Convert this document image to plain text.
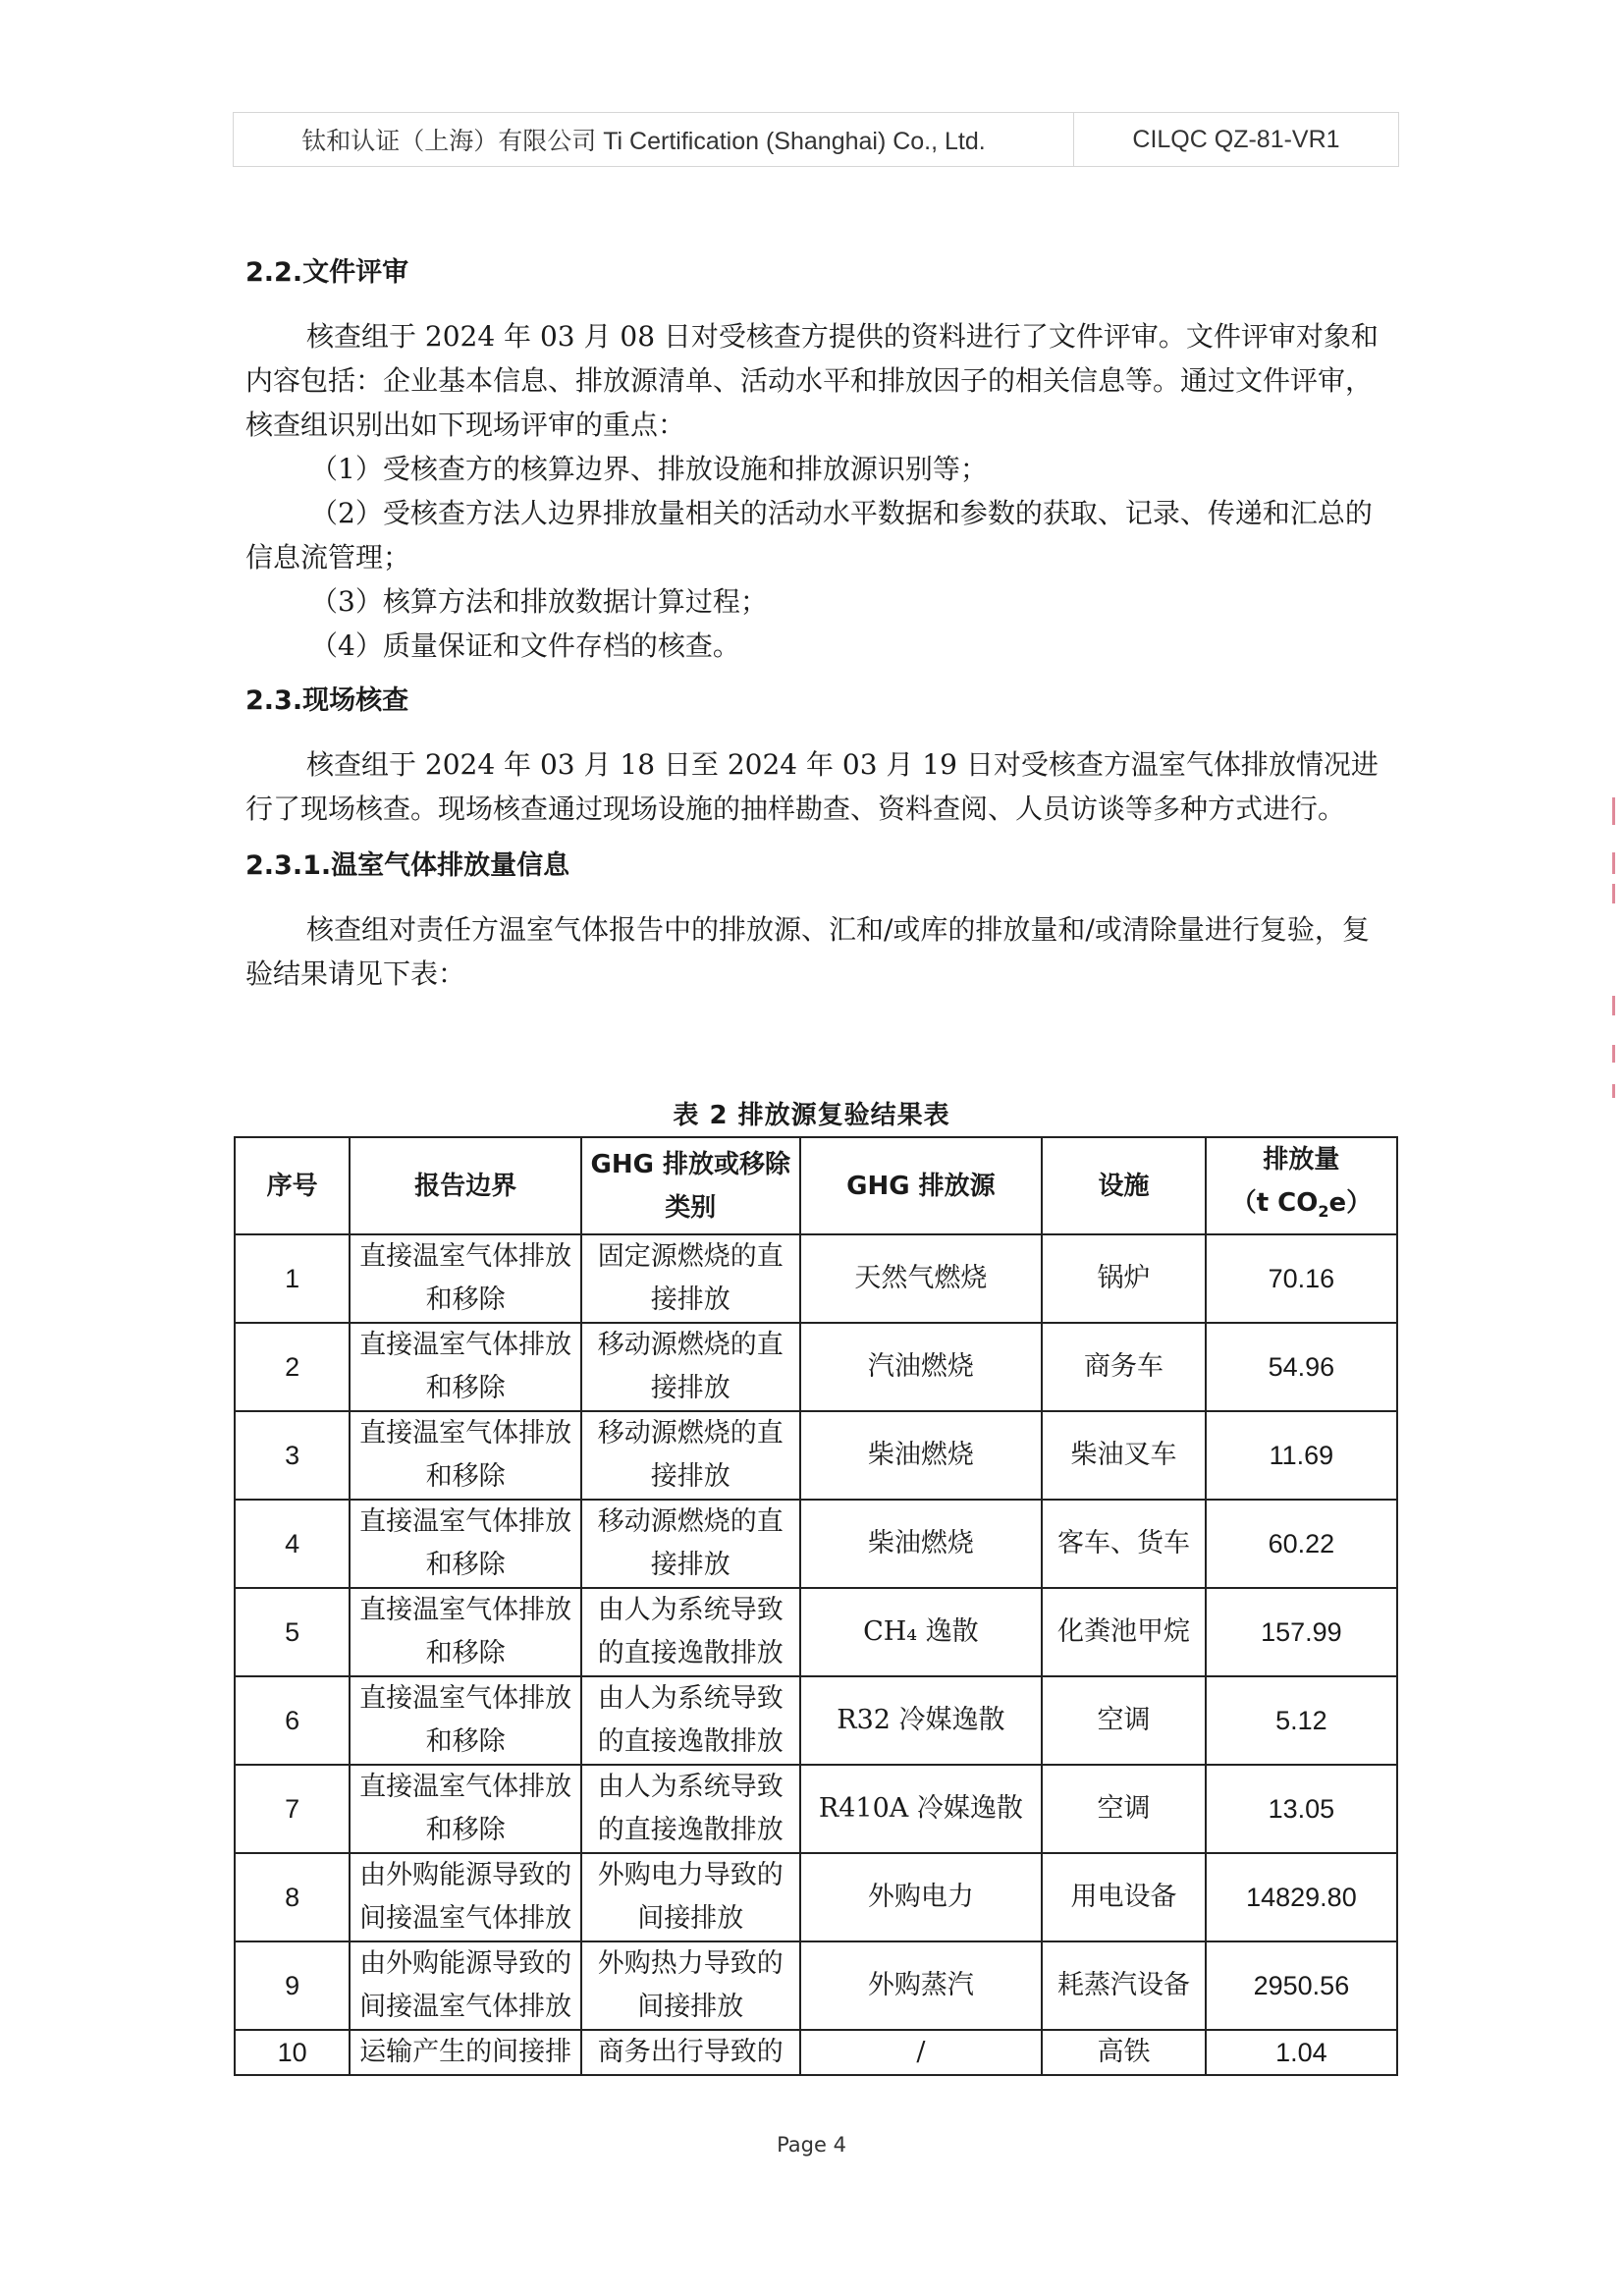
钛和认证（上海）有限公司 Ti Certification (Shanghai) Co., Ltd.	CILQC QZ-81-VR1
2.2.文件评审

核查组于 2024 年 03 月 08 日对受核查方提供的资料进行了文件评审。文件评审对象和内容包括：企业基本信息、排放源清单、活动水平和排放因子的相关信息等。通过文件评审，核查组识别出如下现场评审的重点：

（1）受核查方的核算边界、排放设施和排放源识别等；

（2）受核查方法人边界排放量相关的活动水平数据和参数的获取、记录、传递和汇总的信息流管理；

（3）核算方法和排放数据计算过程；

（4）质量保证和文件存档的核查。

2.3.现场核查

核查组于 2024 年 03 月 18 日至 2024 年 03 月 19 日对受核查方温室气体排放情况进行了现场核查。现场核查通过现场设施的抽样勘查、资料查阅、人员访谈等多种方式进行。

2.3.1.温室气体排放量信息

核查组对责任方温室气体报告中的排放源、汇和/或库的排放量和/或清除量进行复验，复验结果请见下表：

表 2 排放源复验结果表
序号	报告边界	GHG 排放或移除类别	GHG 排放源	设施	排放量
（t $CO_2e$）
1	直接温室气体排放和移除	固定源燃烧的直接排放	天然气燃烧	锅炉	70.16
2	直接温室气体排放和移除	移动源燃烧的直接排放	汽油燃烧	商务车	54.96
3	直接温室气体排放和移除	移动源燃烧的直接排放	柴油燃烧	柴油叉车	11.69
4	直接温室气体排放和移除	移动源燃烧的直接排放	柴油燃烧	客车、货车	60.22
5	直接温室气体排放和移除	由人为系统导致的直接逸散排放	CH₄ 逸散	化粪池甲烷	157.99
6	直接温室气体排放和移除	由人为系统导致的直接逸散排放	R32 冷媒逸散	空调	5.12
7	直接温室气体排放和移除	由人为系统导致的直接逸散排放	R410A 冷媒逸散	空调	13.05
8	由外购能源导致的间接温室气体排放	外购电力导致的间接排放	外购电力	用电设备	14829.80
9	由外购能源导致的间接温室气体排放	外购热力导致的间接排放	外购蒸汽	耗蒸汽设备	2950.56
10	运输产生的间接排	商务出行导致的	/	高铁	1.04
Page 4
